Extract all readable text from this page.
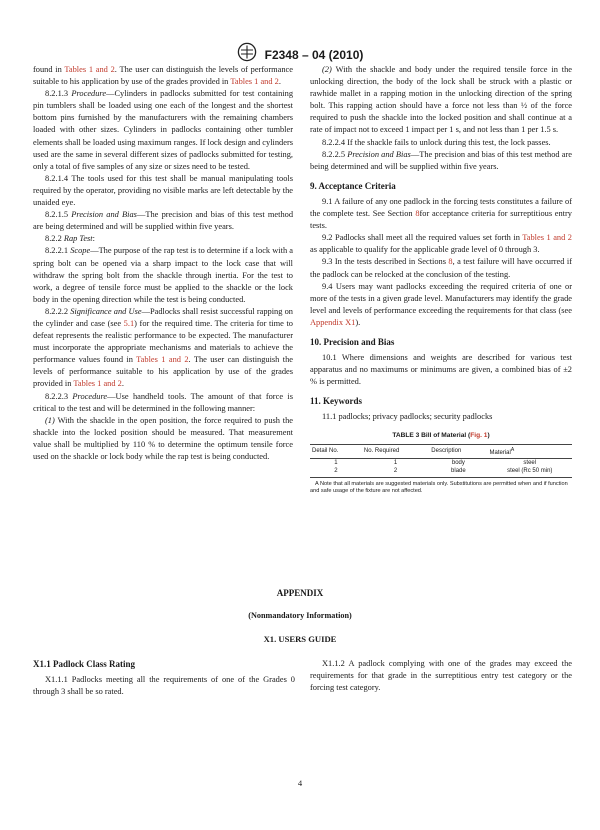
F2348 – 04 (2010)

found in Tables 1 and 2. The user can distinguish the levels of performance suitable to his application by use of the grades provided in Tables 1 and 2.

8.2.1.3 Procedure—Cylinders in padlocks submitted for test containing pin tumblers shall be loaded using one each of the longest and the shortest bottom pins furnished by the manufacturers with the remaining chambers loaded with other sizes. Cylinders in padlocks containing other tumbler elements shall be loaded using maximum ranges. If lock design and cylinders used are the same in several different sizes of padlocks submitted for testing, only a total of five samples of any size or sizes need to be tested.

8.2.1.4 The tools used for this test shall be manual manipulating tools required by the operator, providing no visible marks are left detectable by the unaided eye.

8.2.1.5 Precision and Bias—The precision and bias of this test method are being determined and will be supplied within five years.

8.2.2 Rap Test:

8.2.2.1 Scope—The purpose of the rap test is to determine if a lock with a spring bolt can be opened via a sharp impact to the lock case that will withdraw the spring bolt from the shackle through inertia. For the test to work, a degree of tensile force must be applied to the shackle or the lock body in the opening direction while the test is being conducted.

8.2.2.2 Significance and Use—Padlocks shall resist successful rapping on the cylinder and case (see 5.1) for the required time. The criteria for time to defeat represents the realistic performance to be expected. The manufacturer must incorporate the appropriate mechanisms and materials to achieve the performance values found in Tables 1 and 2. The user can distinguish the levels of performance suitable to his application by use of the grades provided in Tables 1 and 2.

8.2.2.3 Procedure—Use handheld tools. The amount of that force is critical to the test and will be determined in the following manner:

(1) With the shackle in the open position, the force required to push the shackle into the locked position should be measured. That measurement value shall be multiplied by 110 % to determine the optimum tensile force used on the shackle or lock body while the rap test is being conducted.

(2) With the shackle and body under the required tensile force in the unlocking direction, the body of the lock shall be struck with a plastic or rawhide mallet in a rapping motion in the unlocking direction of the spring bolt. This rapping action should have a force not less than ½ of the force required to push the shackle into the locked position and shall continue at a rate of impact not to exceed 1 impact per 1 s, and not less than 1 per 1.5 s.

8.2.2.4 If the shackle fails to unlock during this test, the lock passes.

8.2.2.5 Precision and Bias—The precision and bias of this test method are being determined and will be supplied within five years.

9. Acceptance Criteria

9.1 A failure of any one padlock in the forcing tests constitutes a failure of the complete test. See Section 8for acceptance criteria for surreptitious entry tests.

9.2 Padlocks shall meet all the required values set forth in Tables 1 and 2 as applicable to qualify for the applicable grade level of 0 through 3.

9.3 In the tests described in Sections 8, a test failure will have occurred if the padlock can be relocked at the conclusion of the testing.

9.4 Users may want padlocks exceeding the required criteria of one or more of the tests in a given grade level. Manufacturers may identify the grade level and levels of performance exceeding the requirements for that class (see Appendix X1).

10. Precision and Bias

10.1 Where dimensions and weights are described for various test apparatus and no maximums or minimums are given, a combined bias of ±2 % is permitted.

11. Keywords

11.1 padlocks; privacy padlocks; security padlocks

TABLE 3 Bill of Material (Fig. 1)
Detail No.	No. Required	Description	Material$^A$
1	1	body	steel
2	2	blade	steel (Rc 50 min)
A Note that all materials are suggested materials only. Substitutions are permitted when and if function and safe usage of the fixture are not affected.
APPENDIX
(Nonmandatory Information)
X1. USERS GUIDE

X1.1 Padlock Class Rating

X1.1.1 Padlocks meeting all the requirements of one of the Grades 0 through 3 shall be so rated.

X1.1.2 A padlock complying with one of the grades may exceed the requirements for that grade in the surreptitious entry test category or the forcing test category.

4
